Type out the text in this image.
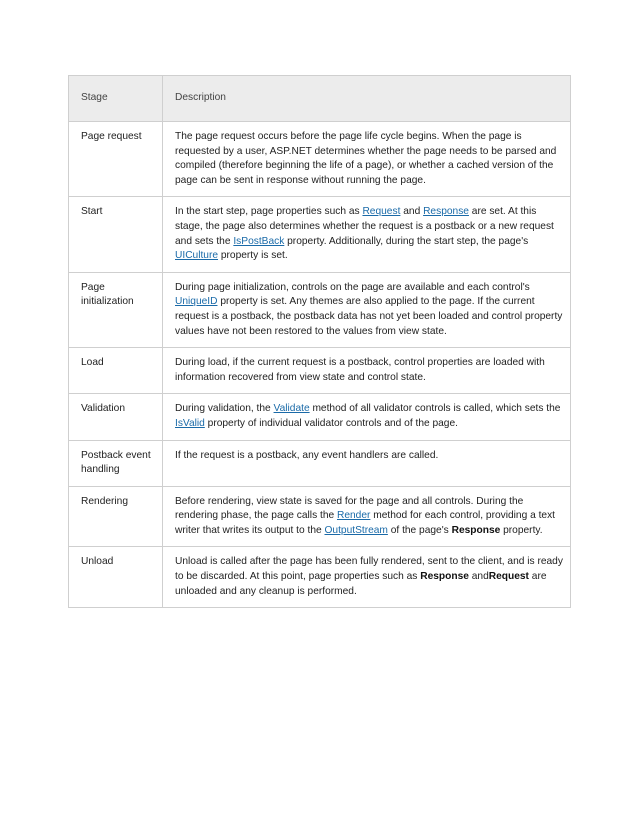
Stage	Description
Page request	The page request occurs before the page life cycle begins. When the page is requested by a user, ASP.NET determines whether the page needs to be parsed and compiled (therefore beginning the life of a page), or whether a cached version of the page can be sent in response without running the page.
Start	In the start step, page properties such as Request and Response are set. At this stage, the page also determines whether the request is a postback or a new request and sets the IsPostBack property. Additionally, during the start step, the page's UICulture property is set.
Page initialization	During page initialization, controls on the page are available and each control's UniqueID property is set. Any themes are also applied to the page. If the current request is a postback, the postback data has not yet been loaded and control property values have not been restored to the values from view state.
Load	During load, if the current request is a postback, control properties are loaded with information recovered from view state and control state.
Validation	During validation, the Validate method of all validator controls is called, which sets the IsValid property of individual validator controls and of the page.
Postback event handling	If the request is a postback, any event handlers are called.
Rendering	Before rendering, view state is saved for the page and all controls. During the rendering phase, the page calls the Render method for each control, providing a text writer that writes its output to the OutputStream of the page's Response property.
Unload	Unload is called after the page has been fully rendered, sent to the client, and is ready to be discarded. At this point, page properties such as Response andRequest are unloaded and any cleanup is performed.
